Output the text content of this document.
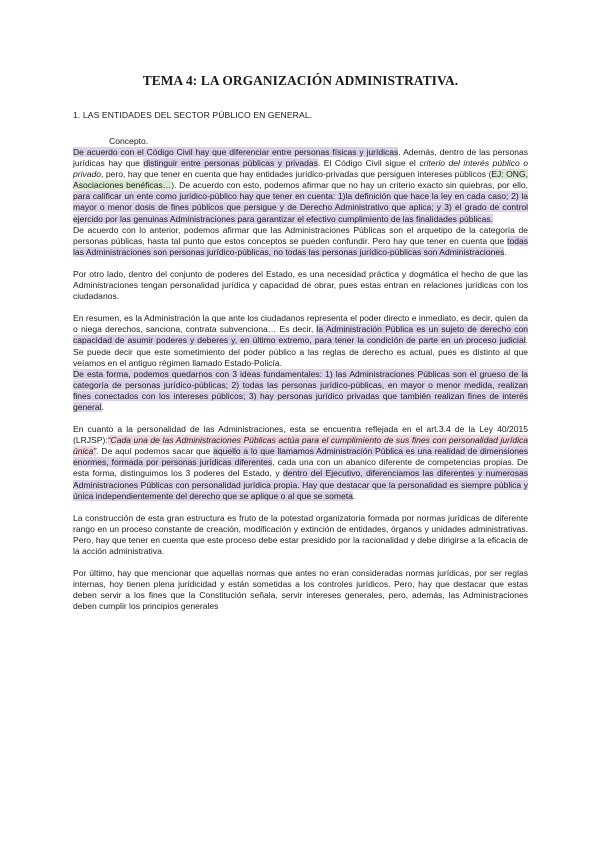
TEMA 4: LA ORGANIZACIÓN ADMINISTRATIVA.
1. LAS ENTIDADES DEL SECTOR PÚBLICO EN GENERAL.
Concepto.

De acuerdo con el Código Civil hay que diferenciar entre personas físicas y jurídicas. Además, dentro de las personas jurídicas hay que distinguir entre personas públicas y privadas. El Código Civil sigue el criterio del interés público o privado, pero, hay que tener en cuenta que hay entidades jurídico-privadas que persiguen intereses públicos (EJ: ONG, Asociaciones benéficas…). De acuerdo con esto, podemos afirmar que no hay un criterio exacto sin quiebras, por ello, para calificar un ente como jurídico-público hay que tener en cuenta: 1)la definición que hace la ley en cada caso; 2) la mayor o menor dosis de fines públicos que persigue y de Derecho Administrativo que aplica; y 3) el grado de control ejercido por las genuinas Administraciones para garantizar el efectivo cumplimiento de las finalidades públicas.

De acuerdo con lo anterior, podemos afirmar que las Administraciones Públicas son el arquetipo de la categoría de personas públicas, hasta tal punto que estos conceptos se pueden confundir. Pero hay que tener en cuenta que todas las Administraciones son personas jurídico-públicas, no todas las personas jurídico-públicas son Administraciones.

Por otro lado, dentro del conjunto de poderes del Estado, es una necesidad práctica y dogmática el hecho de que las Administraciones tengan personalidad jurídica y capacidad de obrar, pues estas entran en relaciones jurídicas con los ciudadanos.

En resumen, es la Administración la que ante los ciudadanos representa el poder directo e inmediato, es decir, quien da o niega derechos, sanciona, contrata subvenciona… Es decir, la Administración Pública es un sujeto de derecho con capacidad de asumir poderes y deberes y, en último extremo, para tener la condición de parte en un proceso judicial. Se puede decir que este sometimiento del poder público a las reglas de derecho es actual, pues es distinto al que veíamos en el antiguo régimen llamado Estado-Policía.

De esta forma, podemos quedarnos con 3 ideas fundamentales: 1) las Administraciones Públicas son el grueso de la categoría de personas jurídico-públicas; 2) todas las personas jurídico-públicas, en mayor o menor medida, realizan fines conectados con los intereses públicos; 3) hay personas jurídico privadas que también realizan fines de interés general.

En cuanto a la personalidad de las Administraciones, esta se encuentra reflejada en el art.3.4 de la Ley 40/2015 (LRJSP):“Cada una de las Administraciones Públicas actúa para el cumplimiento de sus fines con personalidad jurídica única”. De aquí podemos sacar que aquello a lo que llamamos Administración Pública es una realidad de dimensiones enormes, formada por personas jurídicas diferentes, cada una con un abanico diferente de competencias propias. De esta forma, distinguimos los 3 poderes del Estado, y dentro del Ejecutivo, diferenciamos las diferentes y numerosas Administraciones Públicas con personalidad jurídica propia. Hay que destacar que la personalidad es siempre pública y única independientemente del derecho que se aplique o al que se someta.

La construcción de esta gran estructura es fruto de la potestad organizatoria formada por normas jurídicas de diferente rango en un proceso constante de creación, modificación y extinción de entidades, órganos y unidades administrativas. Pero, hay que tener en cuenta que este proceso debe estar presidido por la racionalidad y debe dirigirse a la eficacia de la acción administrativa.

Por último, hay que mencionar que aquellas normas que antes no eran consideradas normas jurídicas, por ser reglas internas, hoy tienen plena juridicidad y están sometidas a los controles jurídicos. Pero, hay que destacar que estas deben servir a los fines que la Constitución señala, servir intereses generales, pero, además, las Administraciones deben cumplir los principios generales
